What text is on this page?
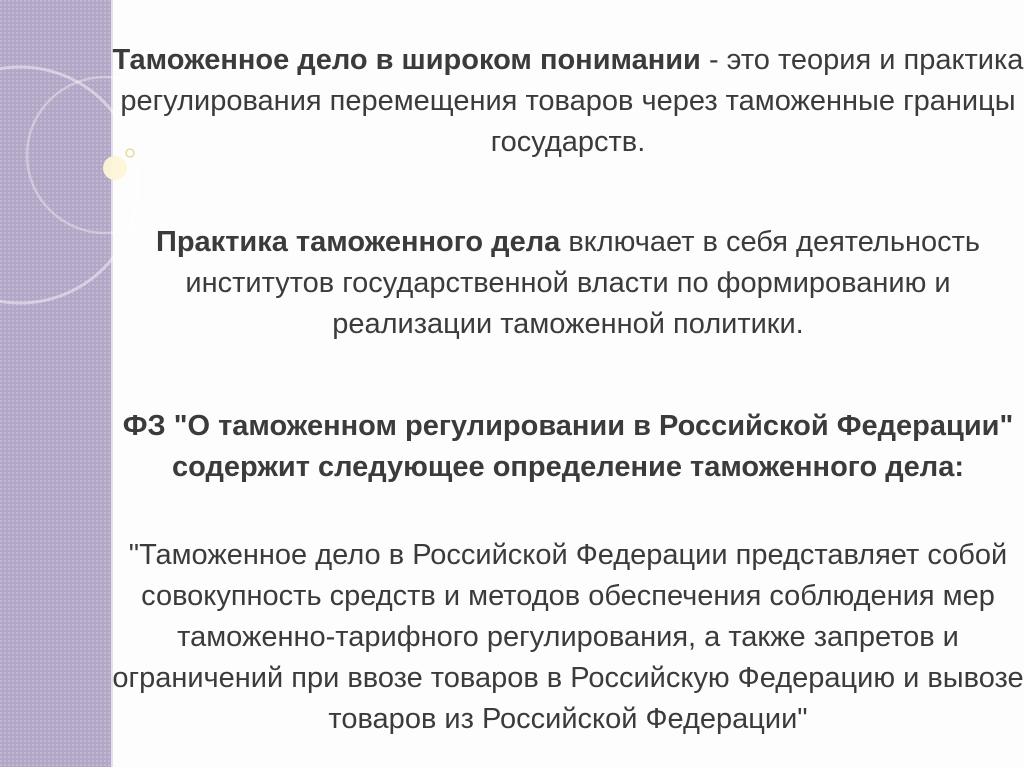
Таможенное дело в широком понимании - это теория и практика регулирования перемещения товаров через таможенные границы государств.

Практика таможенного дела включает в себя деятельность институтов государственной власти по формированию и реализации таможенной политики.

ФЗ "О таможенном регулировании в Российской Федерации" содержит следующее определение таможенного дела:

"Таможенное дело в Российской Федерации представляет собой совокупность средств и методов обеспечения соблюдения мер таможенно-тарифного регулирования, а также запретов и ограничений при ввозе товаров в Российскую Федерацию и вывозе товаров из Российской Федерации"
